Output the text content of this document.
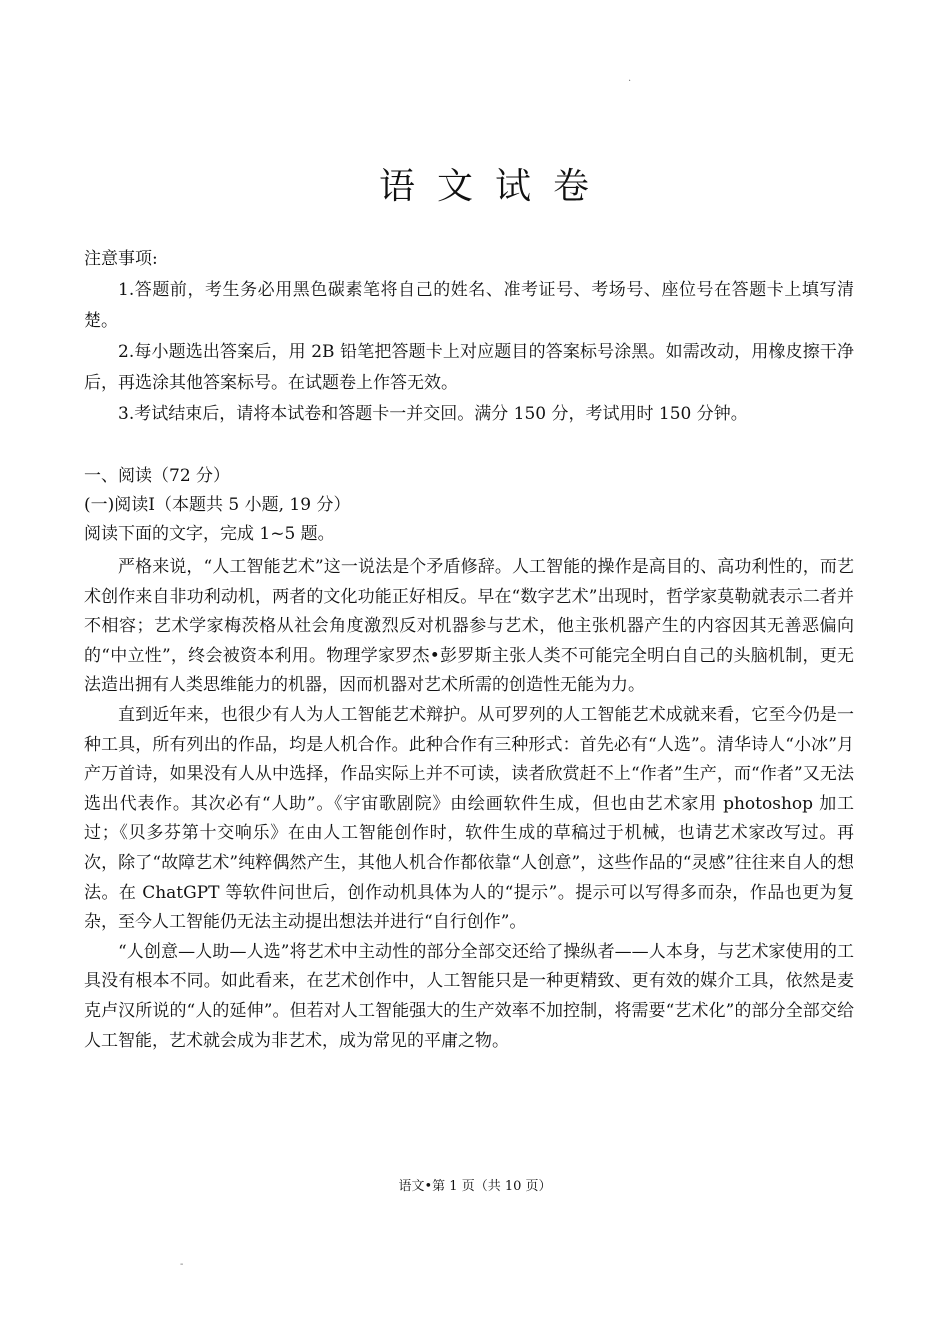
.
语文试卷
注意事项:

1.答题前，考生务必用黑色碳素笔将自己的姓名、准考证号、考场号、座位号在答题卡上填写清楚。

2.每小题选出答案后，用 2B 铅笔把答题卡上对应题目的答案标号涂黑。如需改动，用橡皮擦干净后，再选涂其他答案标号。在试题卷上作答无效。

3.考试结束后，请将本试卷和答题卡一并交回。满分 150 分，考试用时 150 分钟。

一、阅读（72 分）
(一)阅读Ⅰ（本题共 5 小题, 19 分）
阅读下面的文字，完成 1~5 题。

严格来说，“人工智能艺术”这一说法是个矛盾修辞。人工智能的操作是高目的、高功利性的，而艺术创作来自非功利动机，两者的文化功能正好相反。早在“数字艺术”出现时，哲学家莫勒就表示二者并不相容；艺术学家梅茨格从社会角度激烈反对机器参与艺术，他主张机器产生的内容因其无善恶偏向的“中立性”，终会被资本利用。物理学家罗杰•彭罗斯主张人类不可能完全明白自己的头脑机制，更无法造出拥有人类思维能力的机器，因而机器对艺术所需的创造性无能为力。

直到近年来，也很少有人为人工智能艺术辩护。从可罗列的人工智能艺术成就来看，它至今仍是一种工具，所有列出的作品，均是人机合作。此种合作有三种形式：首先必有“人选”。清华诗人“小冰”月产万首诗，如果没有人从中选择，作品实际上并不可读，读者欣赏赶不上“作者”生产，而“作者”又无法选出代表作。其次必有“人助”。《宇宙歌剧院》由绘画软件生成，但也由艺术家用 photoshop 加工过；《贝多芬第十交响乐》在由人工智能创作时，软件生成的草稿过于机械，也请艺术家改写过。再次，除了“故障艺术”纯粹偶然产生，其他人机合作都依靠“人创意”，这些作品的“灵感”往往来自人的想法。在 ChatGPT 等软件问世后，创作动机具体为人的“提示”。提示可以写得多而杂，作品也更为复杂，至今人工智能仍无法主动提出想法并进行“自行创作”。

“人创意—人助—人选”将艺术中主动性的部分全部交还给了操纵者——人本身，与艺术家使用的工具没有根本不同。如此看来，在艺术创作中，人工智能只是一种更精致、更有效的媒介工具，依然是麦克卢汉所说的“人的延伸”。但若对人工智能强大的生产效率不加控制，将需要“艺术化”的部分全部交给人工智能，艺术就会成为非艺术，成为常见的平庸之物。

语文•第 1 页（共 10 页）
-
